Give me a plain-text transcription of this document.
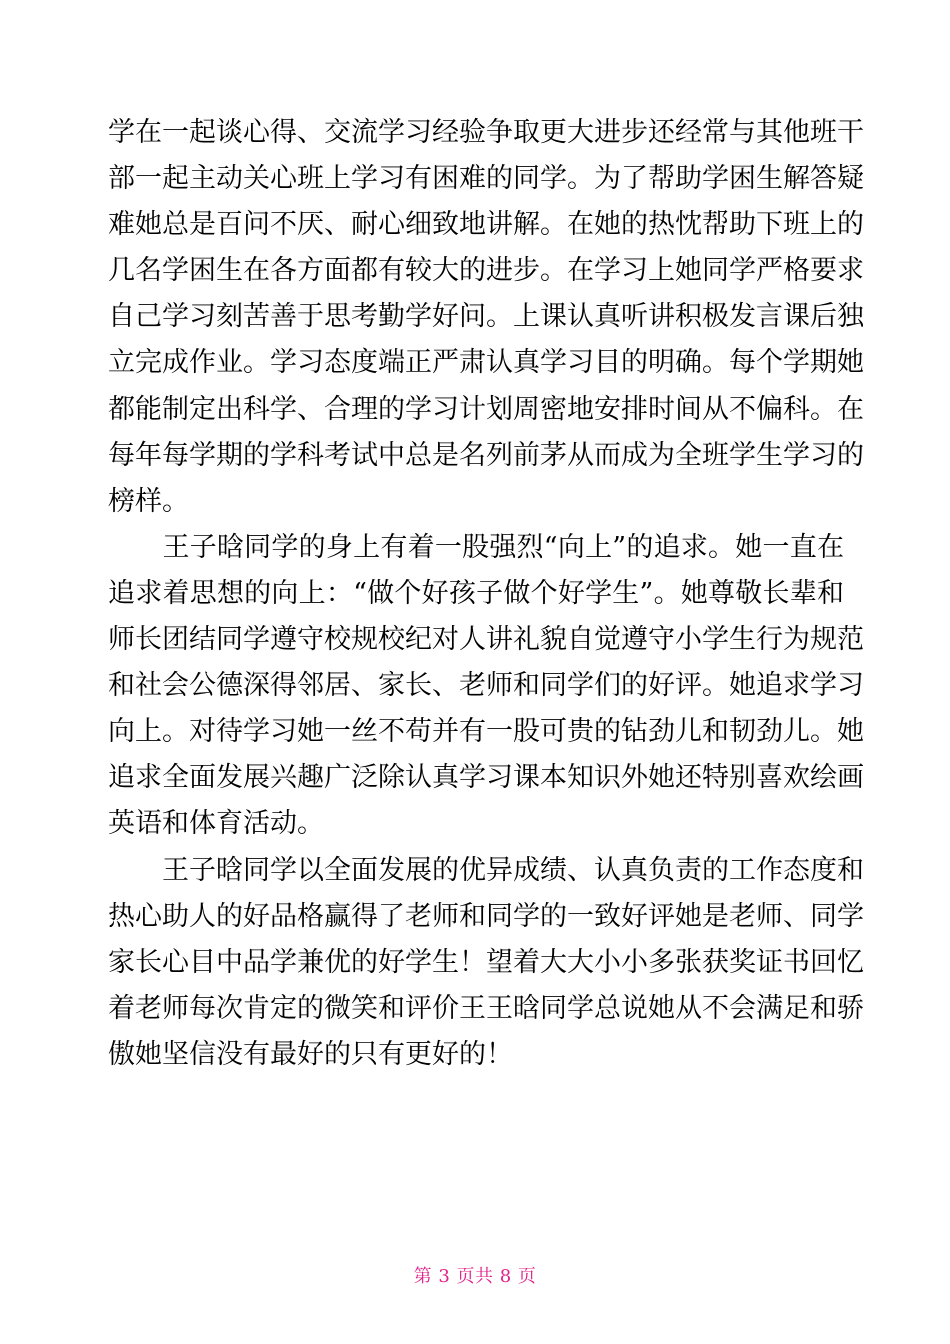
学在一起谈心得、交流学习经验争取更大进步还经常与其他班干
部一起主动关心班上学习有困难的同学。为了帮助学困生解答疑
难她总是百问不厌、耐心细致地讲解。在她的热忱帮助下班上的
几名学困生在各方面都有较大的进步。在学习上她同学严格要求
自己学习刻苦善于思考勤学好问。上课认真听讲积极发言课后独
立完成作业。学习态度端正严肃认真学习目的明确。每个学期她
都能制定出科学、合理的学习计划周密地安排时间从不偏科。在
每年每学期的学科考试中总是名列前茅从而成为全班学生学习的
榜样。
　　王子晗同学的身上有着一股强烈“向上”的追求。她一直在
追求着思想的向上：“做个好孩子做个好学生”。她尊敬长辈和
师长团结同学遵守校规校纪对人讲礼貌自觉遵守小学生行为规范
和社会公德深得邻居、家长、老师和同学们的好评。她追求学习
向上。对待学习她一丝不苟并有一股可贵的钻劲儿和韧劲儿。她
追求全面发展兴趣广泛除认真学习课本知识外她还特别喜欢绘画
英语和体育活动。
　　王子晗同学以全面发展的优异成绩、认真负责的工作态度和
热心助人的好品格赢得了老师和同学的一致好评她是老师、同学
家长心目中品学兼优的好学生！望着大大小小多张获奖证书回忆
着老师每次肯定的微笑和评价王王晗同学总说她从不会满足和骄
傲她坚信没有最好的只有更好的！
第 3 页共 8 页
